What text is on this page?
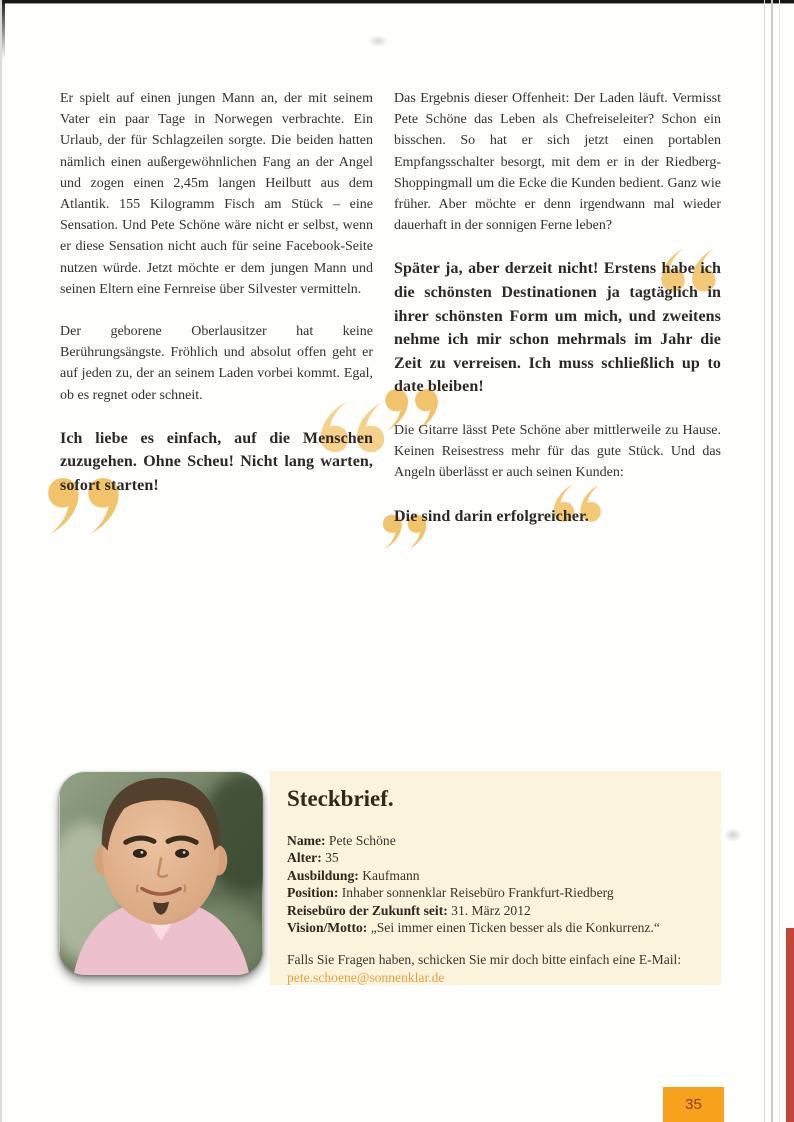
Er spielt auf einen jungen Mann an, der mit seinem Vater ein paar Tage in Norwegen verbrachte. Ein Urlaub, der für Schlagzeilen sorgte. Die beiden hatten nämlich einen außergewöhnlichen Fang an der Angel und zogen einen 2,45m langen Heilbutt aus dem Atlantik. 155 Kilogramm Fisch am Stück – eine Sensation. Und Pete Schöne wäre nicht er selbst, wenn er diese Sensation nicht auch für seine Facebook-Seite nutzen würde. Jetzt möchte er dem jungen Mann und seinen Eltern eine Fernreise über Silvester vermitteln.

Der geborene Oberlausitzer hat keine Berührungsängste. Fröhlich und absolut offen geht er auf jeden zu, der an seinem Laden vorbei kommt. Egal, ob es regnet oder schneit.

Ich liebe es einfach, auf die Menschen zuzugehen. Ohne Scheu! Nicht lang warten, sofort starten!

Das Ergebnis dieser Offenheit: Der Laden läuft. Vermisst Pete Schöne das Leben als Chefreiseleiter? Schon ein bisschen. So hat er sich jetzt einen portablen Empfangsschalter besorgt, mit dem er in der Riedberg-Shoppingmall um die Ecke die Kunden bedient. Ganz wie früher. Aber möchte er denn irgendwann mal wieder dauerhaft in der sonnigen Ferne leben?

Später ja, aber derzeit nicht! Erstens habe ich die schönsten Destinationen ja tagtäglich in ihrer schönsten Form um mich, und zweitens nehme ich mir schon mehrmals im Jahr die Zeit zu verreisen. Ich muss schließlich up to date bleiben!

Die Gitarre lässt Pete Schöne aber mittlerweile zu Hause. Keinen Reisestress mehr für das gute Stück. Und das Angeln überlässt er auch seinen Kunden:

Die sind darin erfolgreicher.

Steckbrief.
Name: Pete Schöne
Alter: 35
Ausbildung: Kaufmann
Position: Inhaber sonnenklar Reisebüro Frankfurt-Riedberg
Reisebüro der Zukunft seit: 31. März 2012
Vision/Motto: „Sei immer einen Ticken besser als die Konkurrenz.“
Falls Sie Fragen haben, schicken Sie mir doch bitte einfach eine E-Mail:
pete.schoene@sonnenklar.de
35
